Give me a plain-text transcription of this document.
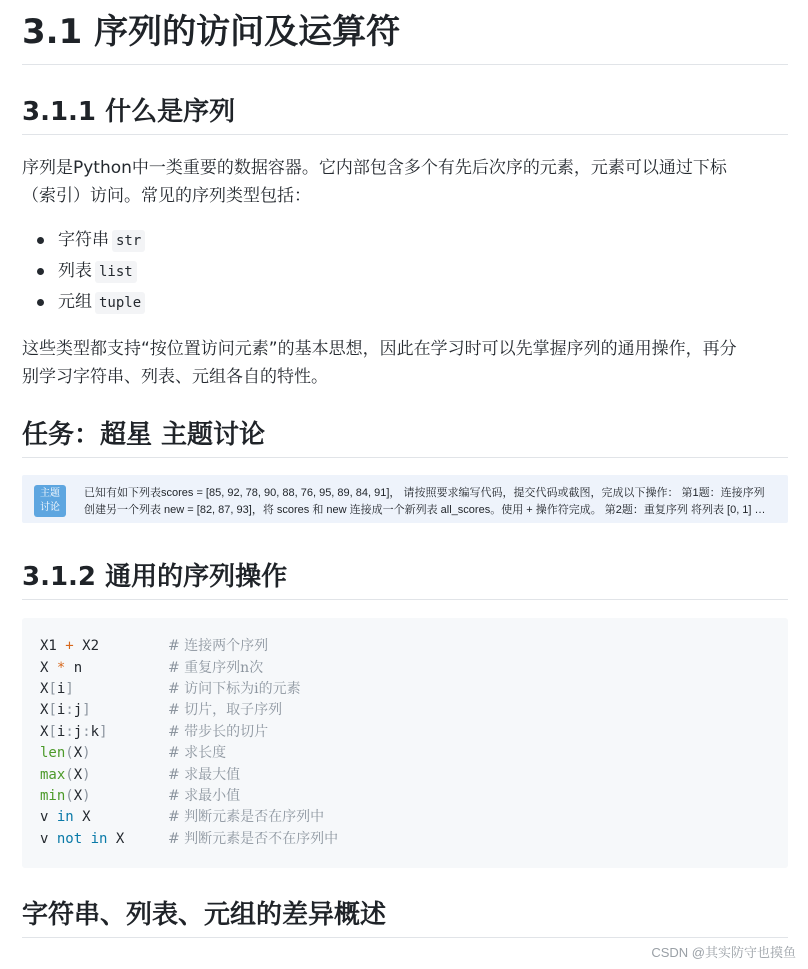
3.1 序列的访问及运算符
3.1.1 什么是序列

序列是Python中一类重要的数据容器。它内部包含多个有先后次序的元素，元素可以通过下标
（索引）访问。常见的序列类型包括：

字符串 str
列表 list
元组 tuple

这些类型都支持“按位置访问元素”的基本思想，因此在学习时可以先掌握序列的通用操作，再分
别学习字符串、列表、元组各自的特性。

任务：超星 主题讨论
主题
讨论
已知有如下列表scores = [85, 92, 78, 90, 88, 76, 95, 89, 84, 91]， 请按照要求编写代码，提交代码或截图，完成以下操作： 第1题：连接序列
创建另一个列表 new = [82, 87, 93]，将 scores 和 new 连接成一个新列表 all_scores。使用 + 操作符完成。 第2题：重复序列 将列表 [0, 1] …
3.1.2 通用的序列操作
X1 + X2	# 连接两个序列
X * n	# 重复序列n次
X[i]	# 访问下标为i的元素
X[i:j]	# 切片，取子序列
X[i:j:k]	# 带步长的切片
len(X)	# 求长度
max(X)	# 求最大值
min(X)	# 求最小值
v in X	# 判断元素是否在序列中
v not in X	# 判断元素是否不在序列中
字符串、列表、元组的差异概述
CSDN @其实防守也摸鱼
